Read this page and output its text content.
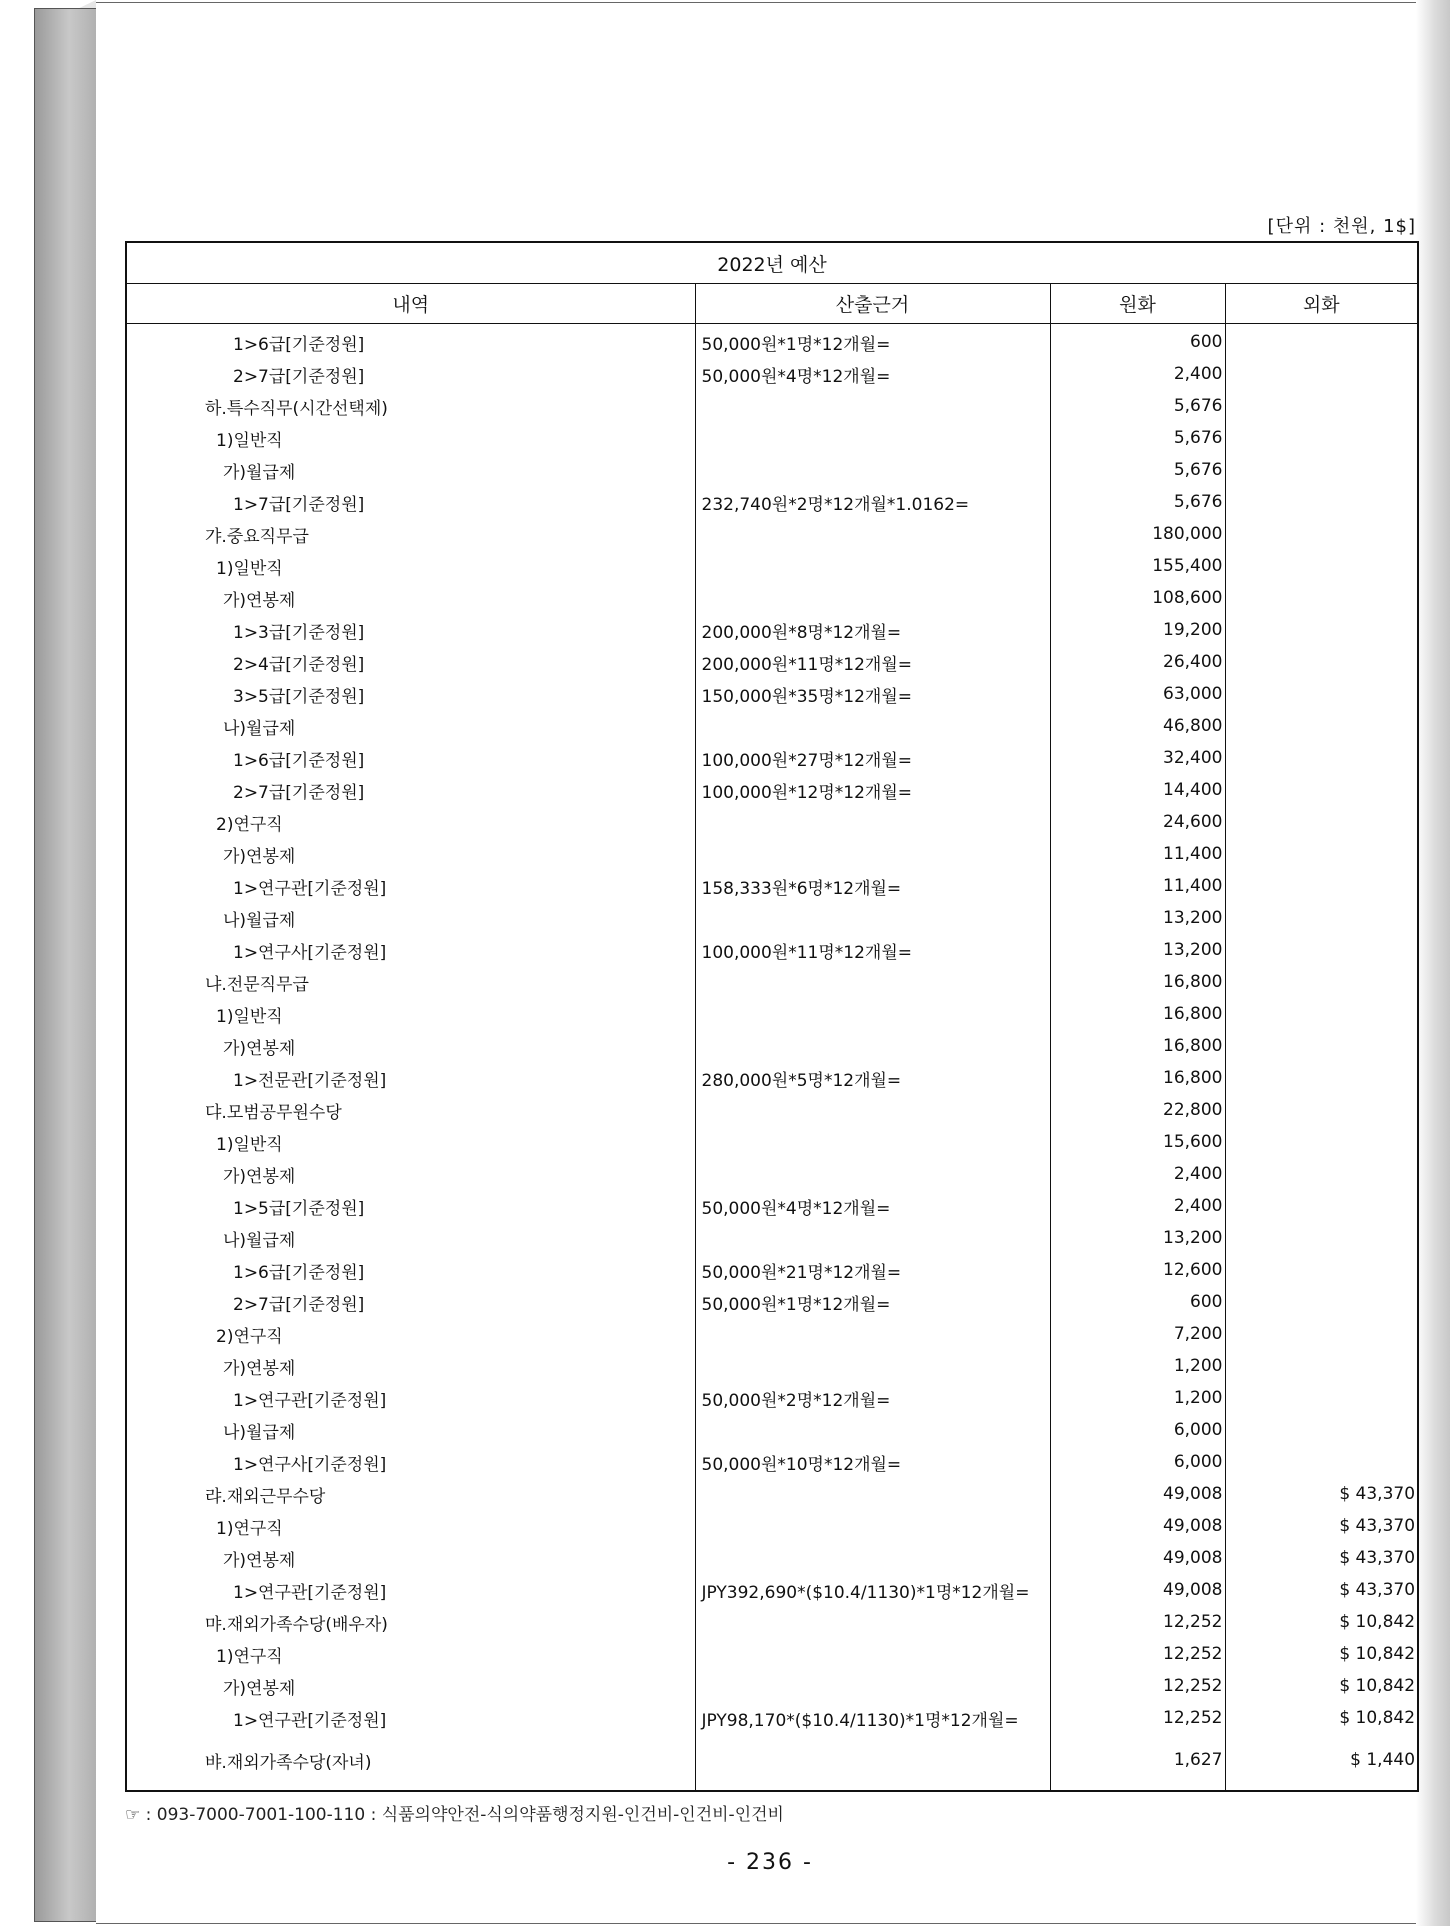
[단위 : 천원, 1$]
2022년 예산			
내역	산출근거	원화	외화
1>6급[기준정원]	50,000원*1명*12개월=	600	
2>7급[기준정원]	50,000원*4명*12개월=	2,400	
하.특수직무(시간선택제)		5,676	
1)일반직		5,676	
가)월급제		5,676	
1>7급[기준정원]	232,740원*2명*12개월*1.0162=	5,676	
갸.중요직무급		180,000	
1)일반직		155,400	
가)연봉제		108,600	
1>3급[기준정원]	200,000원*8명*12개월=	19,200	
2>4급[기준정원]	200,000원*11명*12개월=	26,400	
3>5급[기준정원]	150,000원*35명*12개월=	63,000	
나)월급제		46,800	
1>6급[기준정원]	100,000원*27명*12개월=	32,400	
2>7급[기준정원]	100,000원*12명*12개월=	14,400	
2)연구직		24,600	
가)연봉제		11,400	
1>연구관[기준정원]	158,333원*6명*12개월=	11,400	
나)월급제		13,200	
1>연구사[기준정원]	100,000원*11명*12개월=	13,200	
냐.전문직무급		16,800	
1)일반직		16,800	
가)연봉제		16,800	
1>전문관[기준정원]	280,000원*5명*12개월=	16,800	
댜.모범공무원수당		22,800	
1)일반직		15,600	
가)연봉제		2,400	
1>5급[기준정원]	50,000원*4명*12개월=	2,400	
나)월급제		13,200	
1>6급[기준정원]	50,000원*21명*12개월=	12,600	
2>7급[기준정원]	50,000원*1명*12개월=	600	
2)연구직		7,200	
가)연봉제		1,200	
1>연구관[기준정원]	50,000원*2명*12개월=	1,200	
나)월급제		6,000	
1>연구사[기준정원]	50,000원*10명*12개월=	6,000	
랴.재외근무수당		49,008	$ 43,370
1)연구직		49,008	$ 43,370
가)연봉제		49,008	$ 43,370
1>연구관[기준정원]	JPY392,690*($10.4/1130)*1명*12개월=	49,008	$ 43,370
먀.재외가족수당(배우자)		12,252	$ 10,842
1)연구직		12,252	$ 10,842
가)연봉제		12,252	$ 10,842
1>연구관[기준정원]	JPY98,170*($10.4/1130)*1명*12개월=	12,252	$ 10,842
뱌.재외가족수당(자녀)		1,627	$ 1,440
☞ : 093-7000-7001-100-110 : 식품의약안전-식의약품행정지원-인건비-인건비-인건비
- 236 -
